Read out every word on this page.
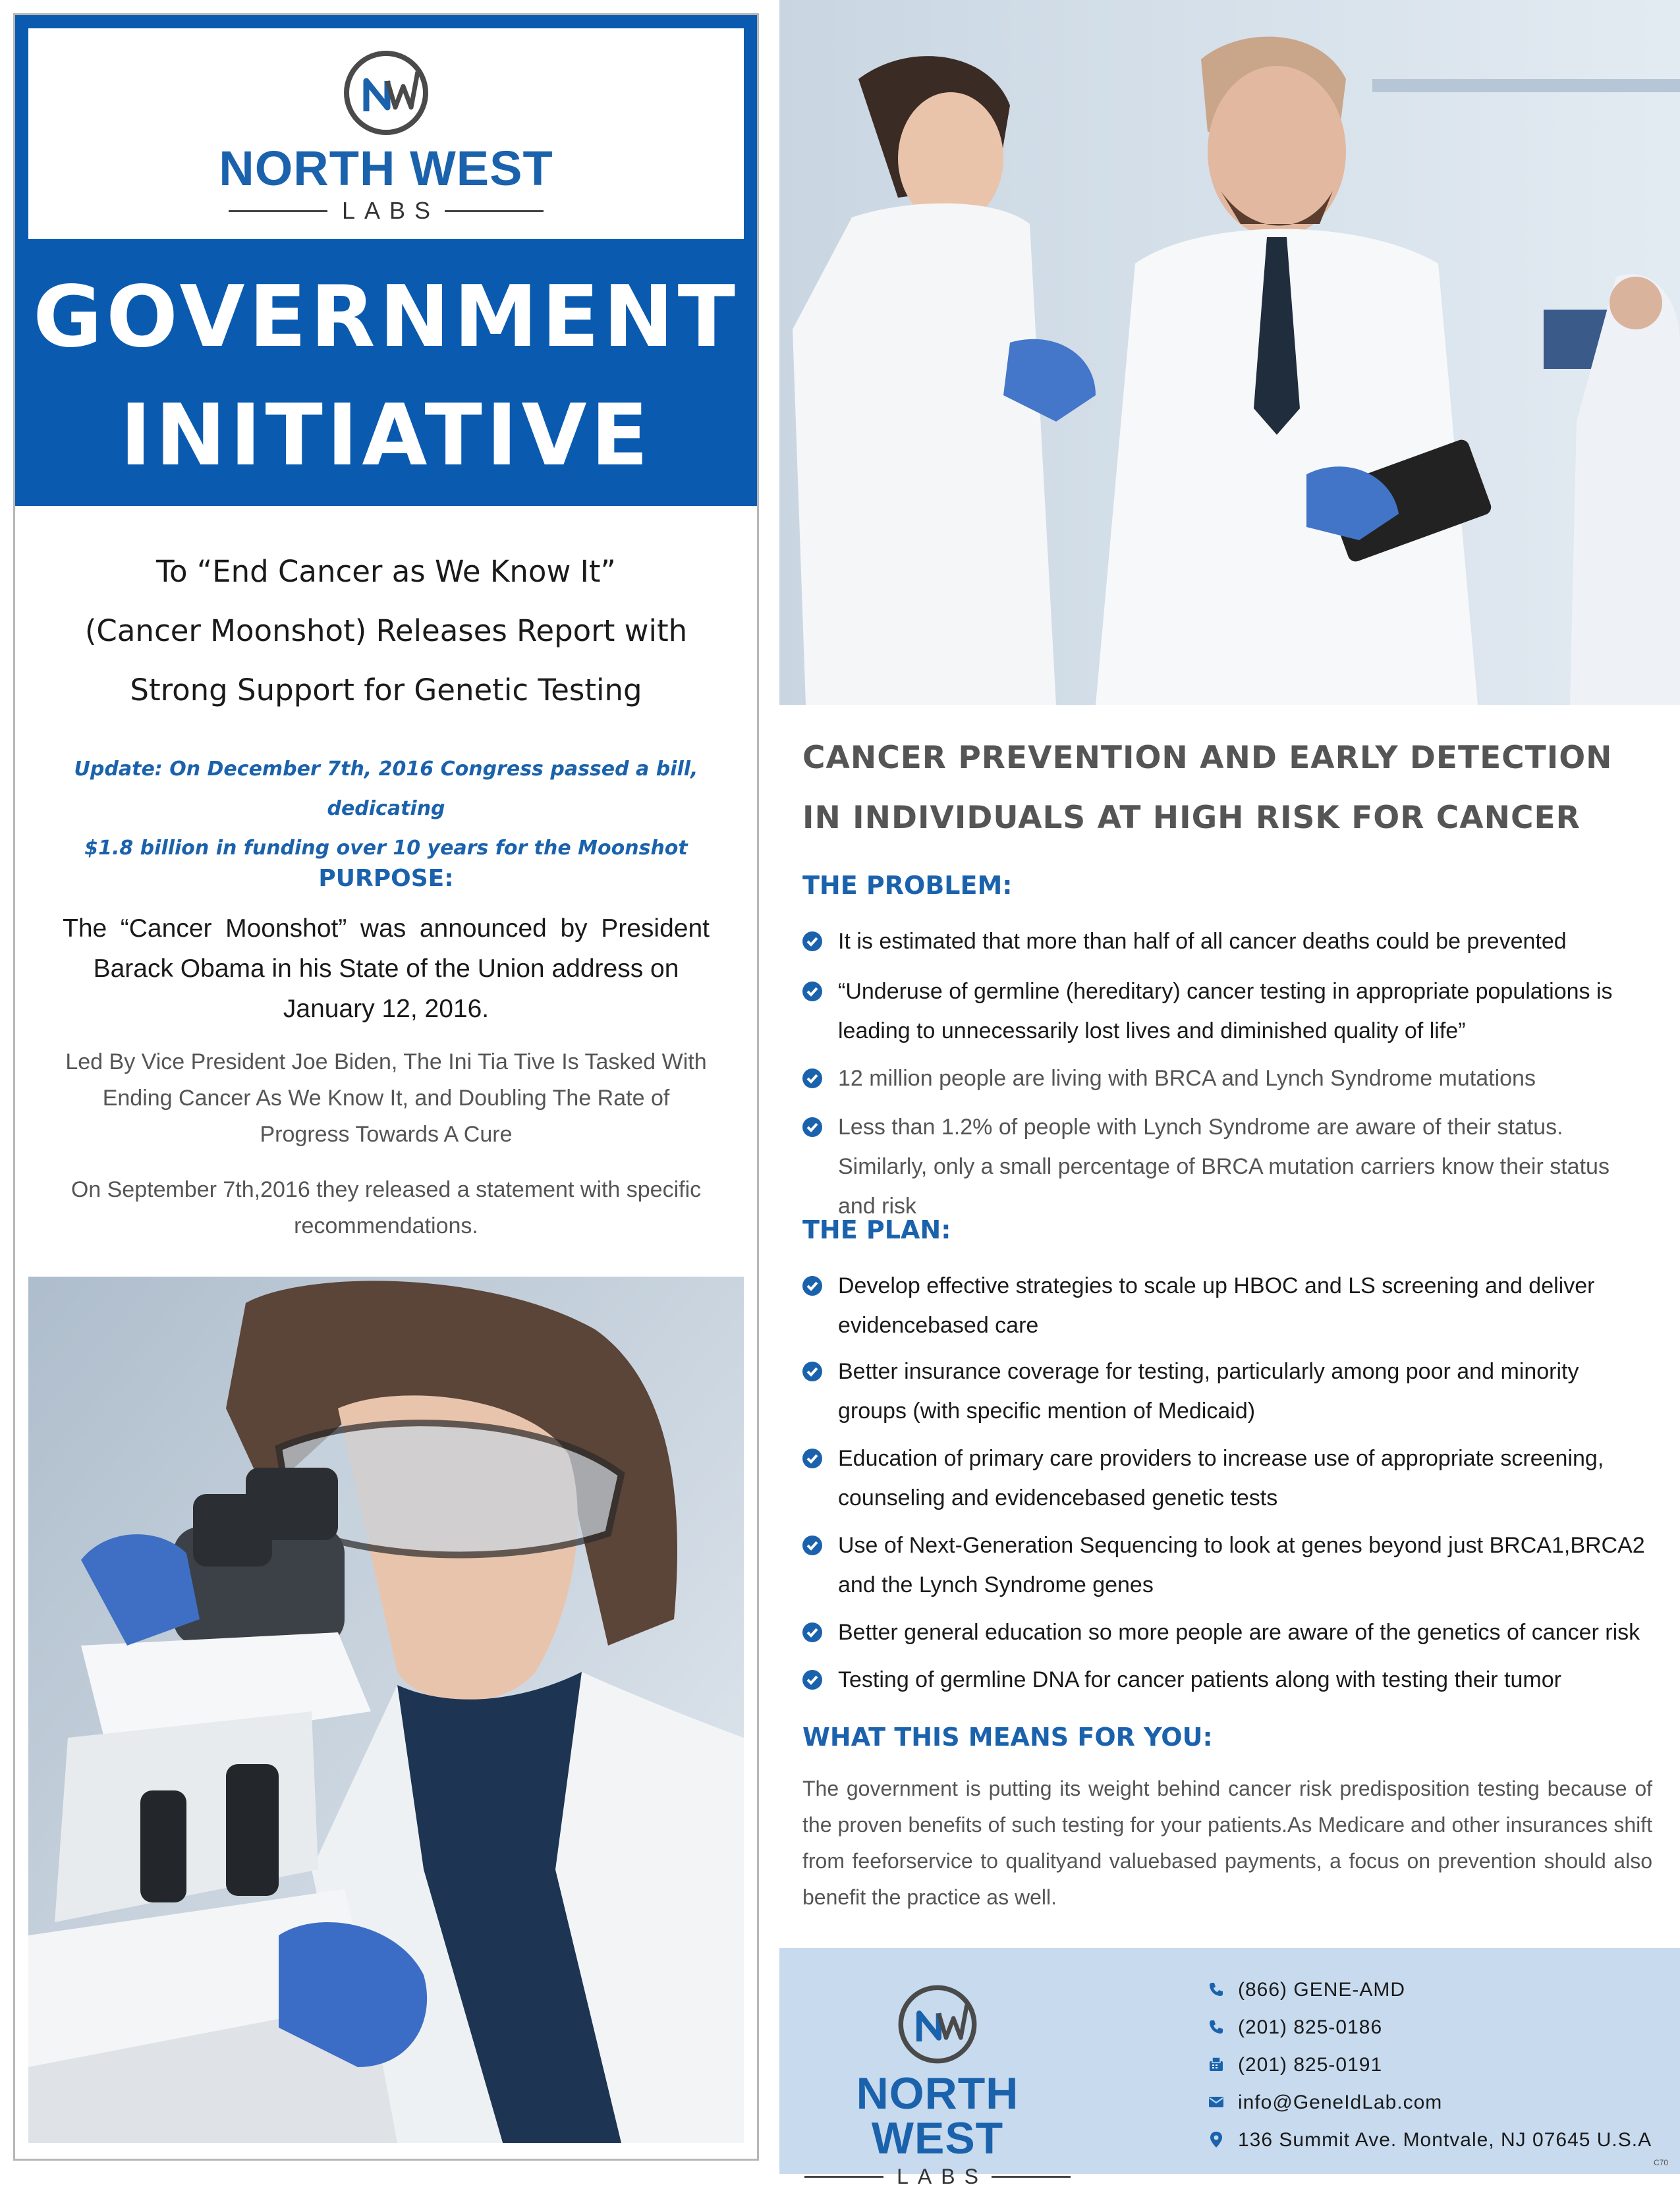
NORTH WEST
LABS
GOVERNMENT
INITIATIVE
To “End Cancer as We Know It”
(Cancer Moonshot) Releases Report with
Strong Support for Genetic Testing
Update: On December 7th, 2016 Congress passed a bill, dedicating
$1.8 billion in funding over 10 years for the Moonshot
PURPOSE:
The “Cancer Moonshot” was announced by President
Barack Obama in his State of the Union address on January 12, 2016.
Led By Vice President Joe Biden, The Ini Tia Tive Is Tasked With Ending Cancer As We Know It, and Doubling The Rate of Progress Towards A Cure
On September 7th,2016 they released a statement with specific recommendations.
CANCER PREVENTION AND EARLY DETECTION
IN INDIVIDUALS AT HIGH RISK FOR CANCER
THE PROBLEM:
It is estimated that more than half of all cancer deaths could be prevented
“Underuse of germline (hereditary) cancer testing in appropriate populations is leading to unnecessarily lost lives and diminished quality of life”
12 million people are living with BRCA and Lynch Syndrome mutations
Less than 1.2% of people with Lynch Syndrome are aware of their status. Similarly, only a small percentage of BRCA mutation carriers know their status and risk
THE PLAN:
Develop effective strategies to scale up HBOC and LS screening and deliver evidencebased care
Better insurance coverage for testing, particularly among poor and minority groups (with specific mention of Medicaid)
Education of primary care providers to increase use of appropriate screening, counseling and evidencebased genetic tests
Use of Next-Generation Sequencing to look at genes beyond just BRCA1,BRCA2 and the Lynch Syndrome genes
Better general education so more people are aware of the genetics of cancer risk
Testing of germline DNA for cancer patients along with testing their tumor
WHAT THIS MEANS FOR YOU:
The government is putting its weight behind cancer risk predisposition testing because of the proven benefits of such testing for your patients.As Medicare and other insurances shift from feeforservice to qualityand valuebased payments, a focus on prevention should also benefit the practice as well.
NORTH WEST
LABS
(866) GENE-AMD
(201) 825-0186
(201) 825-0191
info@GeneIdLab.com
136 Summit Ave. Montvale, NJ 07645 U.S.A
C70
